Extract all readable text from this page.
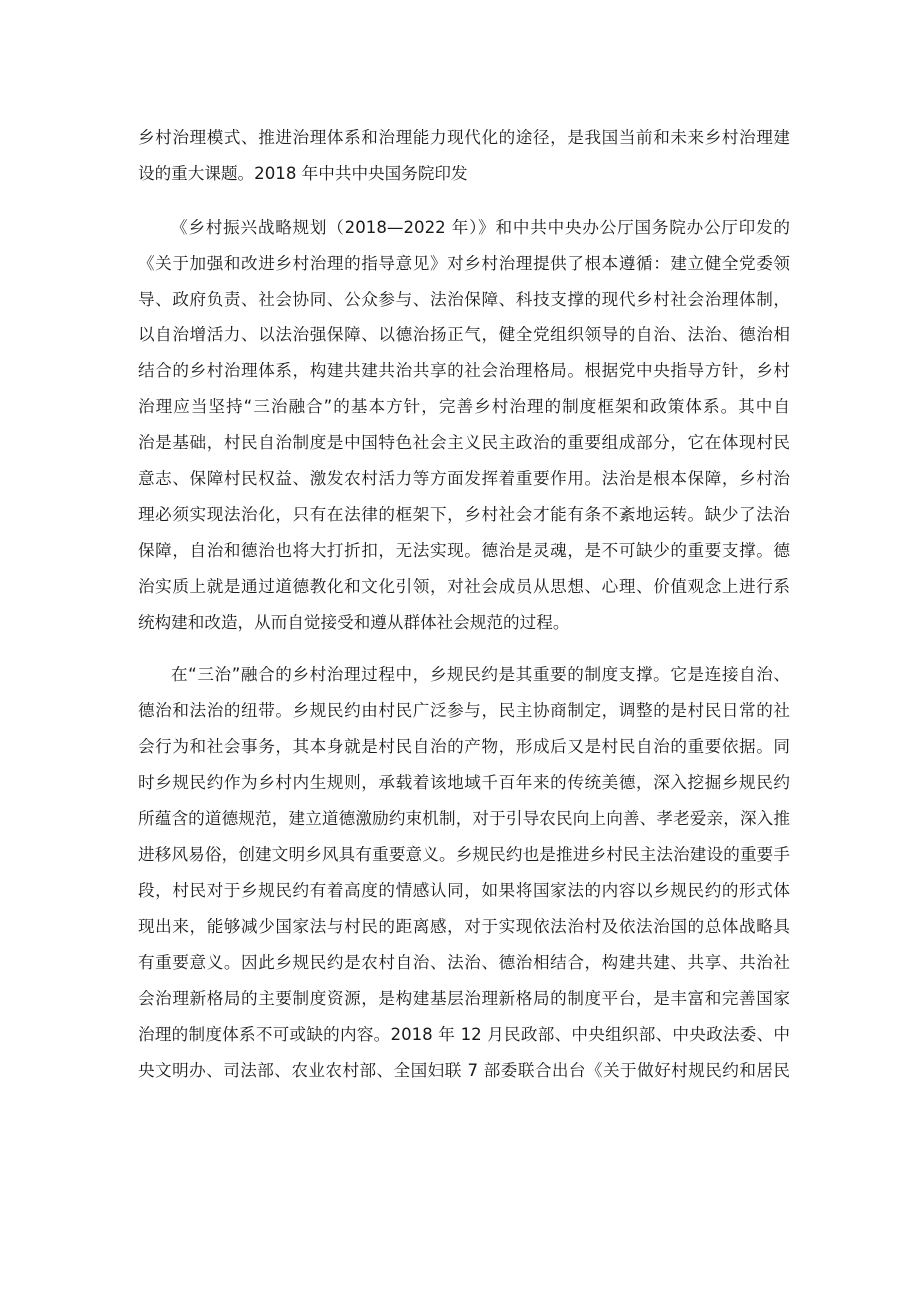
乡村治理模式、推进治理体系和治理能力现代化的途径，是我国当前和未来乡村治理建

设的重大课题。2018 年中共中央国务院印发

《乡村振兴战略规划（2018—2022 年）》和中共中央办公厅国务院办公厅印发的

《关于加强和改进乡村治理的指导意见》对乡村治理提供了根本遵循：建立健全党委领

导、政府负责、社会协同、公众参与、法治保障、科技支撑的现代乡村社会治理体制，

以自治增活力、以法治强保障、以德治扬正气，健全党组织领导的自治、法治、德治相

结合的乡村治理体系，构建共建共治共享的社会治理格局。根据党中央指导方针，乡村

治理应当坚持“三治融合”的基本方针，完善乡村治理的制度框架和政策体系。其中自

治是基础，村民自治制度是中国特色社会主义民主政治的重要组成部分，它在体现村民

意志、保障村民权益、激发农村活力等方面发挥着重要作用。法治是根本保障，乡村治

理必须实现法治化，只有在法律的框架下，乡村社会才能有条不紊地运转。缺少了法治

保障，自治和德治也将大打折扣，无法实现。德治是灵魂，是不可缺少的重要支撑。德

治实质上就是通过道德教化和文化引领，对社会成员从思想、心理、价值观念上进行系

统构建和改造，从而自觉接受和遵从群体社会规范的过程。

在“三治”融合的乡村治理过程中，乡规民约是其重要的制度支撑。它是连接自治、

德治和法治的纽带。乡规民约由村民广泛参与，民主协商制定，调整的是村民日常的社

会行为和社会事务，其本身就是村民自治的产物，形成后又是村民自治的重要依据。同

时乡规民约作为乡村内生规则，承载着该地域千百年来的传统美德，深入挖掘乡规民约

所蕴含的道德规范，建立道德激励约束机制，对于引导农民向上向善、孝老爱亲，深入推

进移风易俗，创建文明乡风具有重要意义。乡规民约也是推进乡村民主法治建设的重要手

段，村民对于乡规民约有着高度的情感认同，如果将国家法的内容以乡规民约的形式体

现出来，能够减少国家法与村民的距离感，对于实现依法治村及依法治国的总体战略具

有重要意义。因此乡规民约是农村自治、法治、德治相结合，构建共建、共享、共治社

会治理新格局的主要制度资源，是构建基层治理新格局的制度平台，是丰富和完善国家

治理的制度体系不可或缺的内容。2018 年 12 月民政部、中央组织部、中央政法委、中

央文明办、司法部、农业农村部、全国妇联 7 部委联合出台《关于做好村规民约和居民
